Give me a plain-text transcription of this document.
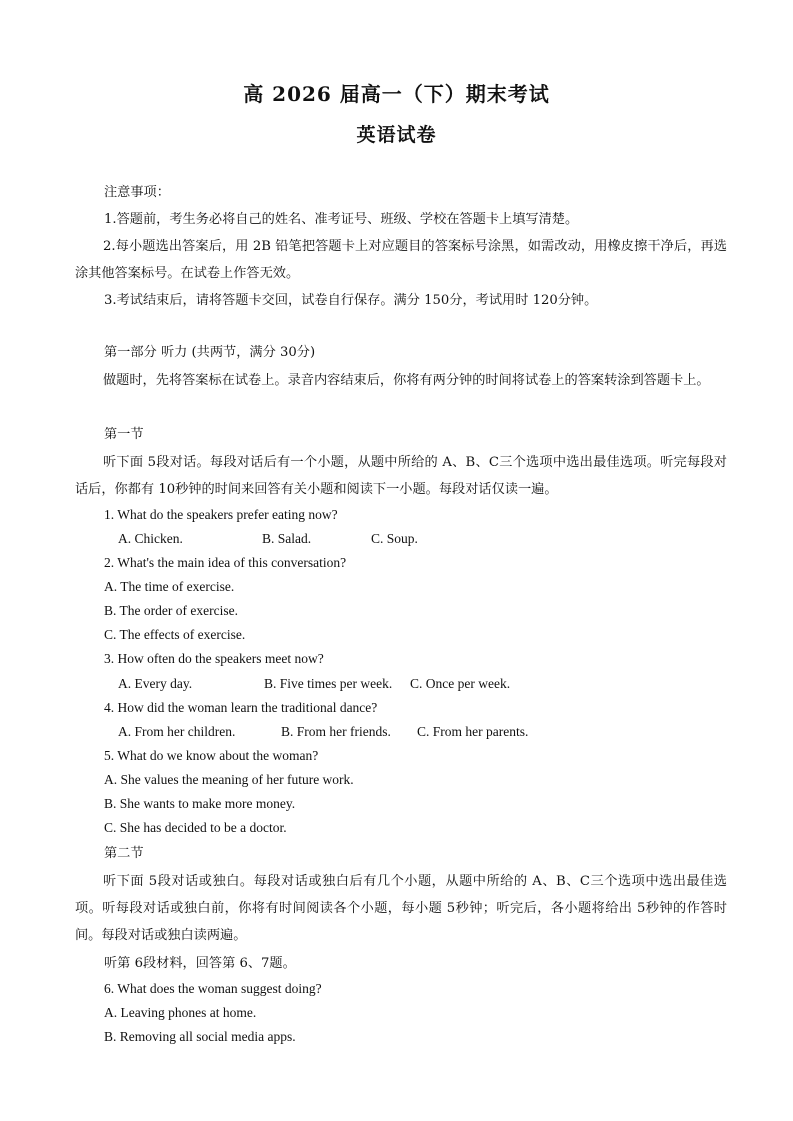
高 2026 届高一（下）期末考试
英语试卷
注意事项：
1.答题前，考生务必将自己的姓名、准考证号、班级、学校在答题卡上填写清楚。
2.每小题选出答案后，用 2B 铅笔把答题卡上对应题目的答案标号涂黑，如需改动，用橡皮擦干净后，再选涂其他答案标号。在试卷上作答无效。
3.考试结束后，请将答题卡交回，试卷自行保存。满分 150分，考试用时 120分钟。
第一部分 听力 (共两节，满分 30分)
做题时，先将答案标在试卷上。录音内容结束后，你将有两分钟的时间将试卷上的答案转涂到答题卡上。
第一节
听下面 5段对话。每段对话后有一个小题，从题中所给的 A、B、C三个选项中选出最佳选项。听完每段对话后，你都有 10秒钟的时间来回答有关小题和阅读下一小题。每段对话仅读一遍。
1. What do the speakers prefer eating now?
A. Chicken.	B. Salad.	C. Soup.
2. What's the main idea of this conversation?
A. The time of exercise.
B. The order of exercise.
C. The effects of exercise.
3. How often do the speakers meet now?
A. Every day.	B. Five times per week. C. Once per week.
4. How did the woman learn the traditional dance?
A. From her children.	B. From her friends. C. From her parents.
5. What do we know about the woman?
A. She values the meaning of her future work.
B. She wants to make more money.
C. She has decided to be a doctor.
第二节
听下面 5段对话或独白。每段对话或独白后有几个小题，从题中所给的 A、B、C三个选项中选出最佳选项。听每段对话或独白前，你将有时间阅读各个小题，每小题 5秒钟；听完后，各小题将给出 5秒钟的作答时间。每段对话或独白读两遍。
听第 6段材料，回答第 6、7题。
6. What does the woman suggest doing?
A. Leaving phones at home.
B. Removing all social media apps.
